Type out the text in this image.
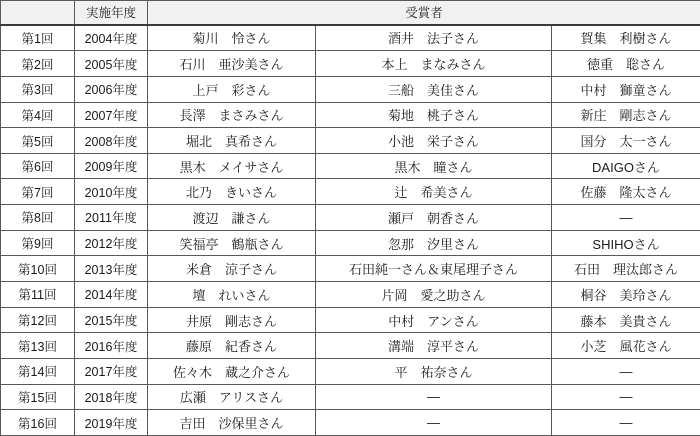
	実施年度	受賞者		
第1回	2004年度	菊川　怜さん	酒井　法子さん	賀集　利樹さん
第2回	2005年度	石川　亜沙美さん	本上　まなみさん	徳重　聡さん
第3回	2006年度	上戸　彩さん	三船　美佳さん	中村　獅童さん
第4回	2007年度	長澤　まさみさん	菊地　桃子さん	新庄　剛志さん
第5回	2008年度	堀北　真希さん	小池　栄子さん	国分　太一さん
第6回	2009年度	黒木　メイサさん	黒木　瞳さん	DAIGOさん
第7回	2010年度	北乃　きいさん	辻　希美さん	佐藤　隆太さん
第8回	2011年度	渡辺　謙さん	瀬戸　朝香さん	―
第9回	2012年度	笑福亭　鶴瓶さん	忽那　汐里さん	SHIHOさん
第10回	2013年度	米倉　涼子さん	石田純一さん＆東尾理子さん	石田　理汰郎さん
第11回	2014年度	壇　れいさん	片岡　愛之助さん	桐谷　美玲さん
第12回	2015年度	井原　剛志さん	中村　アンさん	藤本　美貴さん
第13回	2016年度	藤原　紀香さん	溝端　淳平さん	小芝　風花さん
第14回	2017年度	佐々木　蔵之介さん	平　祐奈さん	―
第15回	2018年度	広瀬　アリスさん	―	―
第16回	2019年度	吉田　沙保里さん	―	―
